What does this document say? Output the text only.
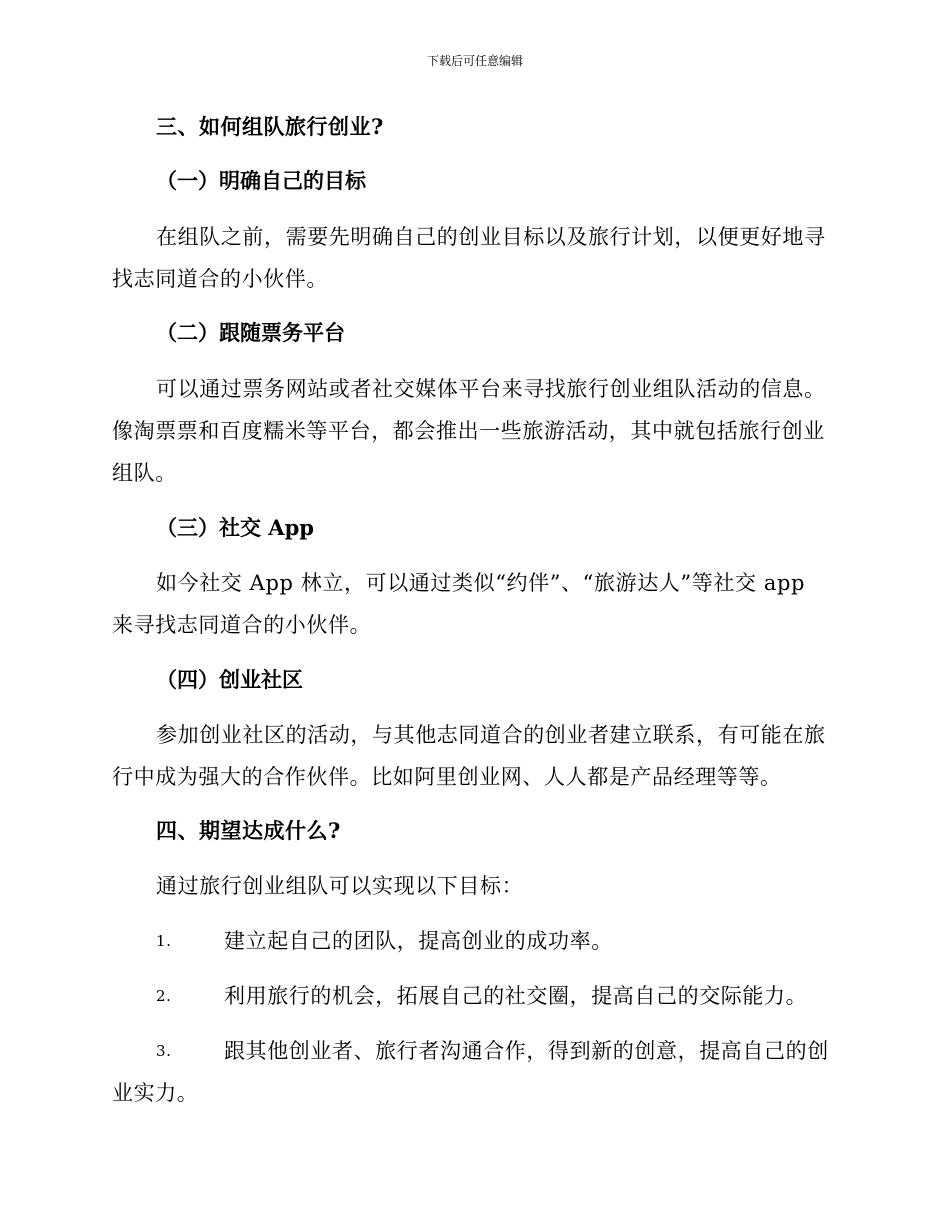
下载后可任意编辑

三、如何组队旅行创业?

（一）明确自己的目标

在组队之前，需要先明确自己的创业目标以及旅行计划，以便更好地寻找志同道合的小伙伴。

（二）跟随票务平台

可以通过票务网站或者社交媒体平台来寻找旅行创业组队活动的信息。像淘票票和百度糯米等平台，都会推出一些旅游活动，其中就包括旅行创业组队。

（三）社交 App

如今社交 App 林立，可以通过类似“约伴”、“旅游达人”等社交 app 来寻找志同道合的小伙伴。

（四）创业社区

参加创业社区的活动，与其他志同道合的创业者建立联系，有可能在旅行中成为强大的合作伙伴。比如阿里创业网、人人都是产品经理等等。

四、期望达成什么?

通过旅行创业组队可以实现以下目标：

1.	建立起自己的团队，提高创业的成功率。
2.	利用旅行的机会，拓展自己的社交圈，提高自己的交际能力。
3.	跟其他创业者、旅行者沟通合作，得到新的创意，提高自己的创
业实力。
